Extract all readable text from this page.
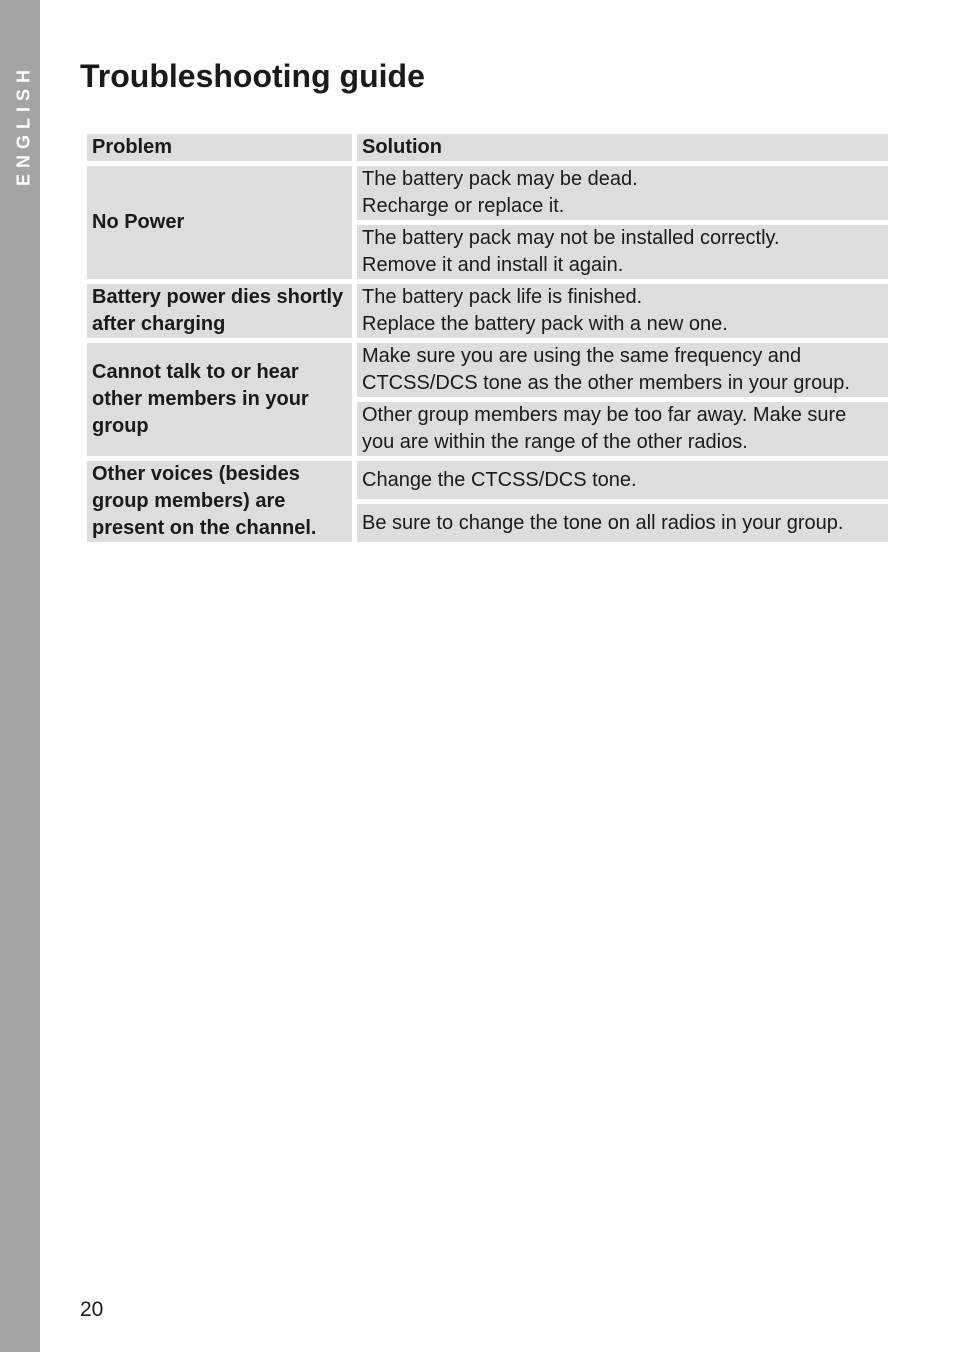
ENGLISH Troubleshooting guide
Problem	Solution
No Power	The battery pack may be dead.
Recharge or replace it.

	The battery pack may not be installed correctly.
Remove it and install it again.

Battery power dies shortly after charging	The battery pack life is finished.
Replace the battery pack with a new one.

Cannot talk to or hear other members in your group	Make sure you are using the same frequency and CTCSS/DCS tone as the other members in your group.
	Other group members may be too far away. Make sure you are within the range of the other radios.
Other voices (besides group members) are present on the channel.	Change the CTCSS/DCS tone.
	Be sure to change the tone on all radios in your group.
20
